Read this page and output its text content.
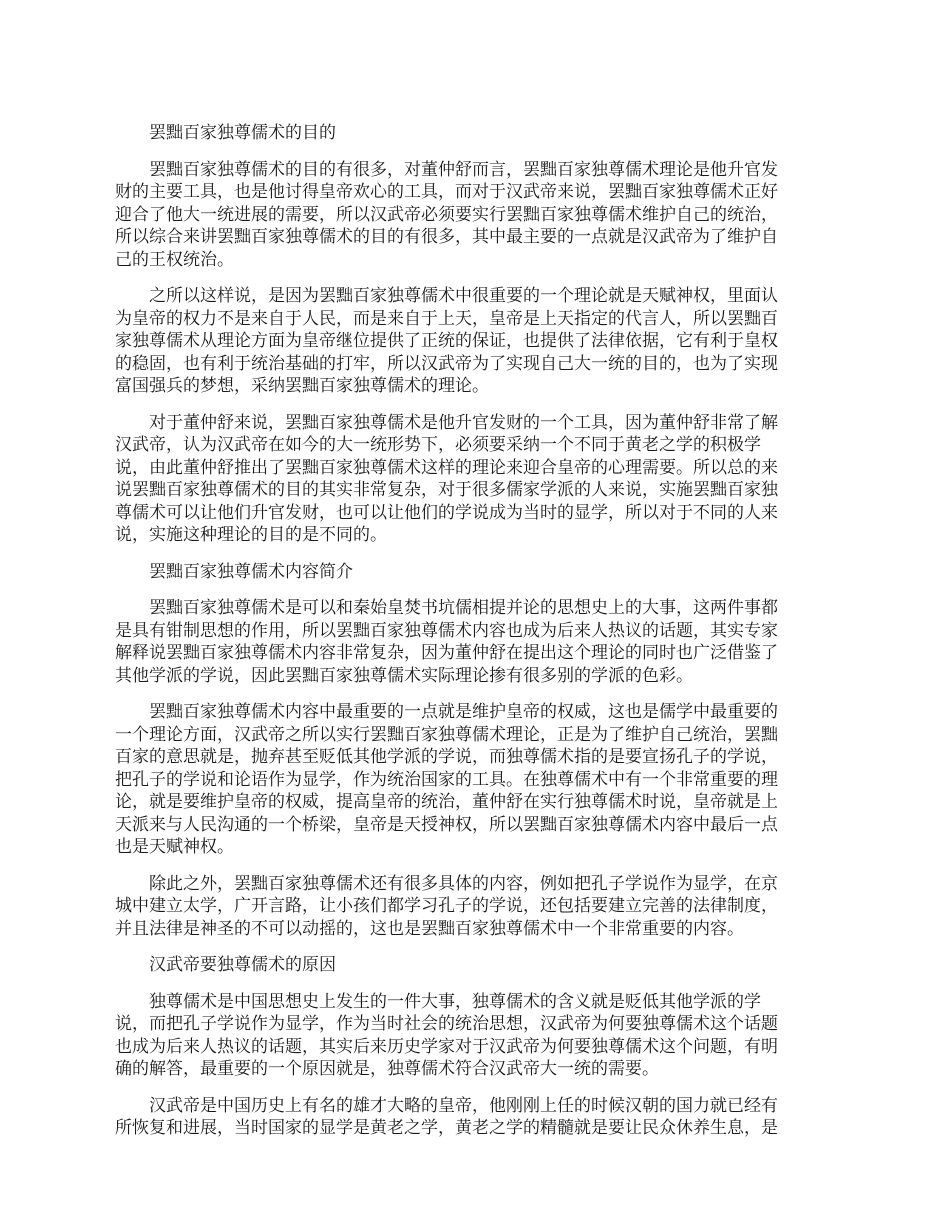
罢黜百家独尊儒术的目的

罢黜百家独尊儒术的目的有很多，对董仲舒而言，罢黜百家独尊儒术理论是他升官发
财的主要工具，也是他讨得皇帝欢心的工具，而对于汉武帝来说，罢黜百家独尊儒术正好
迎合了他大一统进展的需要，所以汉武帝必须要实行罢黜百家独尊儒术维护自己的统治，
所以综合来讲罢黜百家独尊儒术的目的有很多，其中最主要的一点就是汉武帝为了维护自
己的王权统治。

之所以这样说，是因为罢黜百家独尊儒术中很重要的一个理论就是天赋神权，里面认
为皇帝的权力不是来自于人民，而是来自于上天，皇帝是上天指定的代言人，所以罢黜百
家独尊儒术从理论方面为皇帝继位提供了正统的保证，也提供了法律依据，它有利于皇权
的稳固，也有利于统治基础的打牢，所以汉武帝为了实现自己大一统的目的，也为了实现
富国强兵的梦想，采纳罢黜百家独尊儒术的理论。

对于董仲舒来说，罢黜百家独尊儒术是他升官发财的一个工具，因为董仲舒非常了解
汉武帝，认为汉武帝在如今的大一统形势下，必须要采纳一个不同于黄老之学的积极学
说，由此董仲舒推出了罢黜百家独尊儒术这样的理论来迎合皇帝的心理需要。所以总的来
说罢黜百家独尊儒术的目的其实非常复杂，对于很多儒家学派的人来说，实施罢黜百家独
尊儒术可以让他们升官发财，也可以让他们的学说成为当时的显学，所以对于不同的人来
说，实施这种理论的目的是不同的。

罢黜百家独尊儒术内容简介

罢黜百家独尊儒术是可以和秦始皇焚书坑儒相提并论的思想史上的大事，这两件事都
是具有钳制思想的作用，所以罢黜百家独尊儒术内容也成为后来人热议的话题，其实专家
解释说罢黜百家独尊儒术内容非常复杂，因为董仲舒在提出这个理论的同时也广泛借鉴了
其他学派的学说，因此罢黜百家独尊儒术实际理论掺有很多别的学派的色彩。

罢黜百家独尊儒术内容中最重要的一点就是维护皇帝的权威，这也是儒学中最重要的
一个理论方面，汉武帝之所以实行罢黜百家独尊儒术理论，正是为了维护自己统治，罢黜
百家的意思就是，抛弃甚至贬低其他学派的学说，而独尊儒术指的是要宣扬孔子的学说，
把孔子的学说和论语作为显学，作为统治国家的工具。在独尊儒术中有一个非常重要的理
论，就是要维护皇帝的权威，提高皇帝的统治，董仲舒在实行独尊儒术时说，皇帝就是上
天派来与人民沟通的一个桥梁，皇帝是天授神权，所以罢黜百家独尊儒术内容中最后一点
也是天赋神权。

除此之外，罢黜百家独尊儒术还有很多具体的内容，例如把孔子学说作为显学，在京
城中建立太学，广开言路，让小孩们都学习孔子的学说，还包括要建立完善的法律制度，
并且法律是神圣的不可以动摇的，这也是罢黜百家独尊儒术中一个非常重要的内容。

汉武帝要独尊儒术的原因

独尊儒术是中国思想史上发生的一件大事，独尊儒术的含义就是贬低其他学派的学
说，而把孔子学说作为显学，作为当时社会的统治思想，汉武帝为何要独尊儒术这个话题
也成为后来人热议的话题，其实后来历史学家对于汉武帝为何要独尊儒术这个问题，有明
确的解答，最重要的一个原因就是，独尊儒术符合汉武帝大一统的需要。

汉武帝是中国历史上有名的雄才大略的皇帝，他刚刚上任的时候汉朝的国力就已经有
所恢复和进展，当时国家的显学是黄老之学，黄老之学的精髓就是要让民众休养生息，是
